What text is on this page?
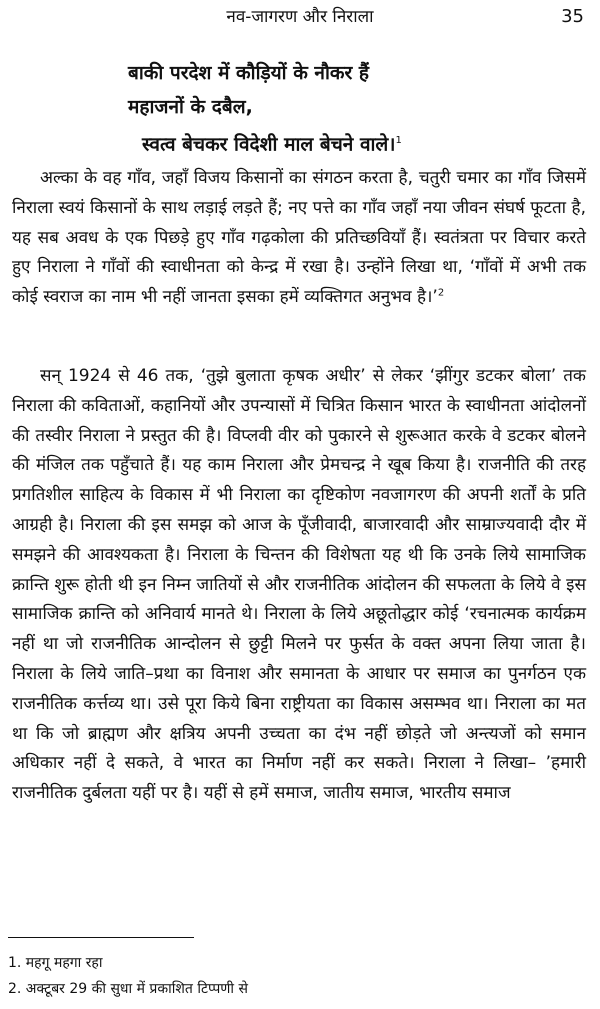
नव-जागरण और निराला	35
बाकी परदेश में कौड़ियों के नौकर हैं
महाजनों के दबैल,
स्वत्व बेचकर विदेशी माल बेचने वाले।$^1$

अल्का के वह गाँव, जहाँ विजय किसानों का संगठन करता है, चतुरी चमार का गाँव जिसमें निराला स्वयं किसानों के साथ लड़ाई लड़ते हैं; नए पत्ते का गाँव जहाँ नया जीवन संघर्ष फूटता है, यह सब अवध के एक पिछड़े हुए गाँव गढ़कोला की प्रतिच्छवियाँ हैं। स्वतंत्रता पर विचार करते हुए निराला ने गाँवों की स्वाधीनता को केन्द्र में रखा है। उन्होंने लिखा था, ‘गाँवों में अभी तक कोई स्वराज का नाम भी नहीं जानता इसका हमें व्यक्तिगत अनुभव है।’$^2$

सन् 1924 से 46 तक, ‘तुझे बुलाता कृषक अधीर’ से लेकर ‘झींगुर डटकर बोला’ तक निराला की कविताओं, कहानियों और उपन्यासों में चित्रित किसान भारत के स्वाधीनता आंदोलनों की तस्वीर निराला ने प्रस्तुत की है। विप्लवी वीर को पुकारने से शुरूआत करके वे डटकर बोलने की मंजिल तक पहुँचाते हैं। यह काम निराला और प्रेमचन्द्र ने खूब किया है। राजनीति की तरह प्रगतिशील साहित्य के विकास में भी निराला का दृष्टिकोण नवजागरण की अपनी शर्तों के प्रति आग्रही है। निराला की इस समझ को आज के पूँजीवादी, बाजारवादी और साम्राज्यवादी दौर में समझने की आवश्यकता है। निराला के चिन्तन की विशेषता यह थी कि उनके लिये सामाजिक क्रान्ति शुरू होती थी इन निम्न जातियों से और राजनीतिक आंदोलन की सफलता के लिये वे इस सामाजिक क्रान्ति को अनिवार्य मानते थे। निराला के लिये अछूतोद्धार कोई ‘रचनात्मक कार्यक्रम नहीं था जो राजनीतिक आन्दोलन से छुट्टी मिलने पर फुर्सत के वक्त अपना लिया जाता है। निराला के लिये जाति–प्रथा का विनाश और समानता के आधार पर समाज का पुनर्गठन एक राजनीतिक कर्त्तव्य था। उसे पूरा किये बिना राष्ट्रीयता का विकास असम्भव था। निराला का मत था कि जो ब्राह्मण और क्षत्रिय अपनी उच्चता का दंभ नहीं छोड़ते जो अन्त्यजों को समान अधिकार नहीं दे सकते, वे भारत का निर्माण नहीं कर सकते। निराला ने लिखा– ’हमारी राजनीतिक दुर्बलता यहीं पर है। यहीं से हमें समाज, जातीय समाज, भारतीय समाज

1. महगू महगा रहा
2. अक्टूबर 29 की सुधा में प्रकाशित टिप्पणी से
